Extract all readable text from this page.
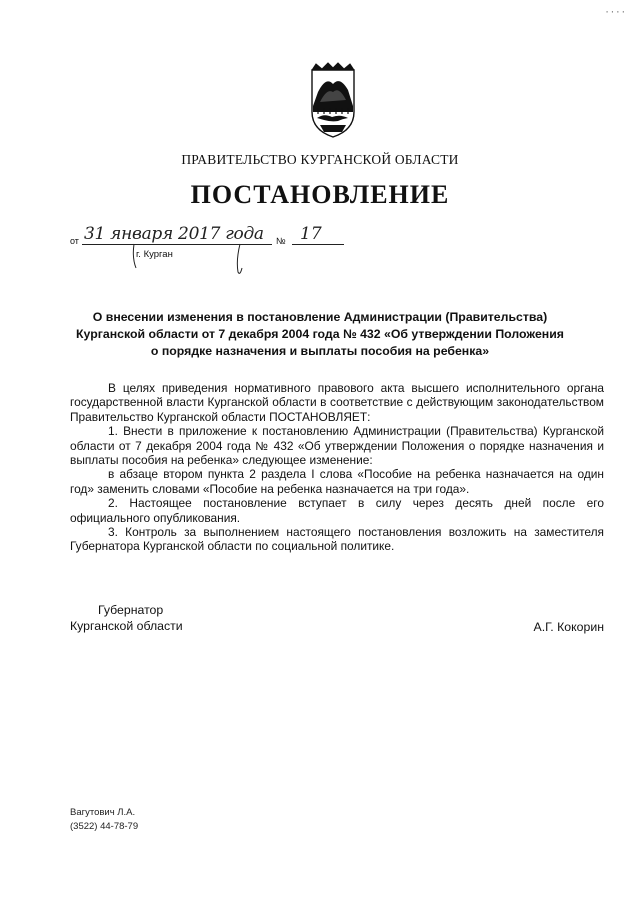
····
ПРАВИТЕЛЬСТВО КУРГАНСКОЙ ОБЛАСТИ
ПОСТАНОВЛЕНИЕ
от 31 января 2017 года № 17
г. Курган
О внесении изменения в постановление Администрации (Правительства)
Курганской области от 7 декабря 2004 года № 432 «Об утверждении Положения
о порядке назначения и выплаты пособия на ребенка»

В целях приведения нормативного правового акта высшего исполнительного органа государственной власти Курганской области в соответствие с действующим законодательством Правительство Курганской области ПОСТАНОВЛЯЕТ:

1. Внести в приложение к постановлению Администрации (Правительства) Курганской области от 7 декабря 2004 года № 432 «Об утверждении Положения о порядке назначения и выплаты пособия на ребенка» следующее изменение:

в абзаце втором пункта 2 раздела I слова «Пособие на ребенка назначается на один год» заменить словами «Пособие на ребенка назначается на три года».

2. Настоящее постановление вступает в силу через десять дней после его официального опубликования.

3. Контроль за выполнением настоящего постановления возложить на заместителя Губернатора Курганской области по социальной политике.

Губернатор
Курганской области	А.Г. Кокорин
Вагутович Л.А.
(3522) 44-78-79
